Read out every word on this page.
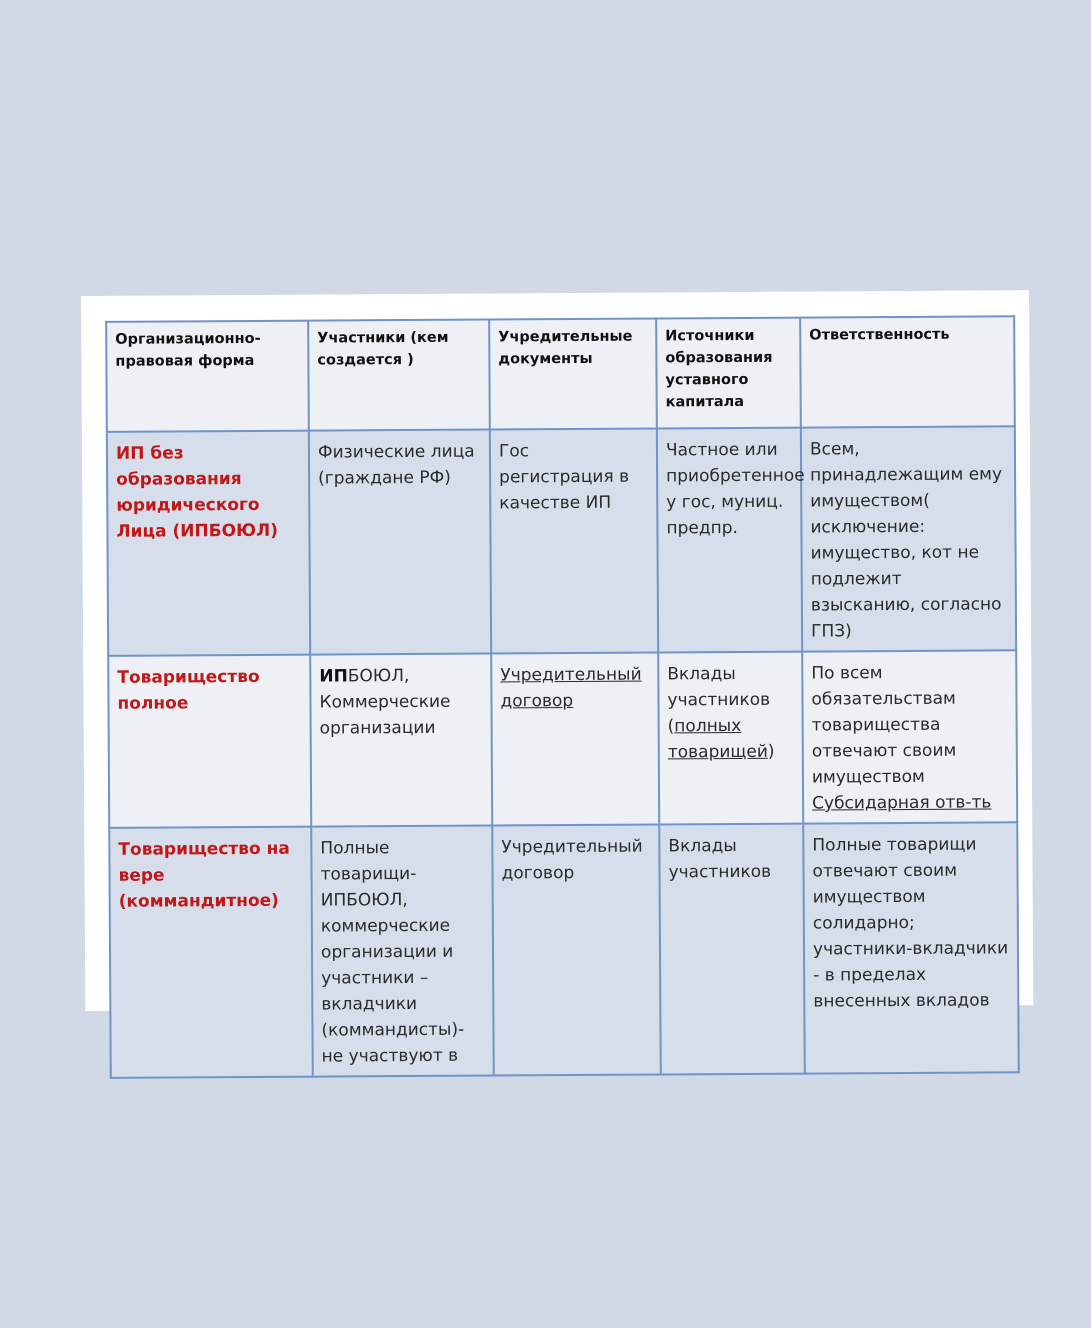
Организационно-правовая форма	Участники (кем создается )	Учредительные документы	Источники образования уставного капитала	Ответственность
ИП без образования юридического Лица (ИПБОЮЛ)	Физические лица (граждане РФ)	Гос регистрация в качестве ИП	Частное или приобретенное у гос, муниц. предпр.	Всем, принадлежащим ему имуществом( исключение: имущество, кот не подлежит взысканию, согласно ГПЗ)
Товарищество полное	ИПБОЮЛ, Коммерческие организации	Учредительный договор	Вклады участников (полных товарищей)	По всем обязательствам товарищества отвечают своим имуществом Субсидарная отв-ть
Товарищество на вере (коммандитное)	Полные товарищи-ИПБОЮЛ, коммерческие организации и участники – вкладчики (коммандисты)-не участвуют в	Учредительный договор	Вклады участников	Полные товарищи отвечают своим имуществом солидарно; участники-вкладчики - в пределах внесенных вкладов
